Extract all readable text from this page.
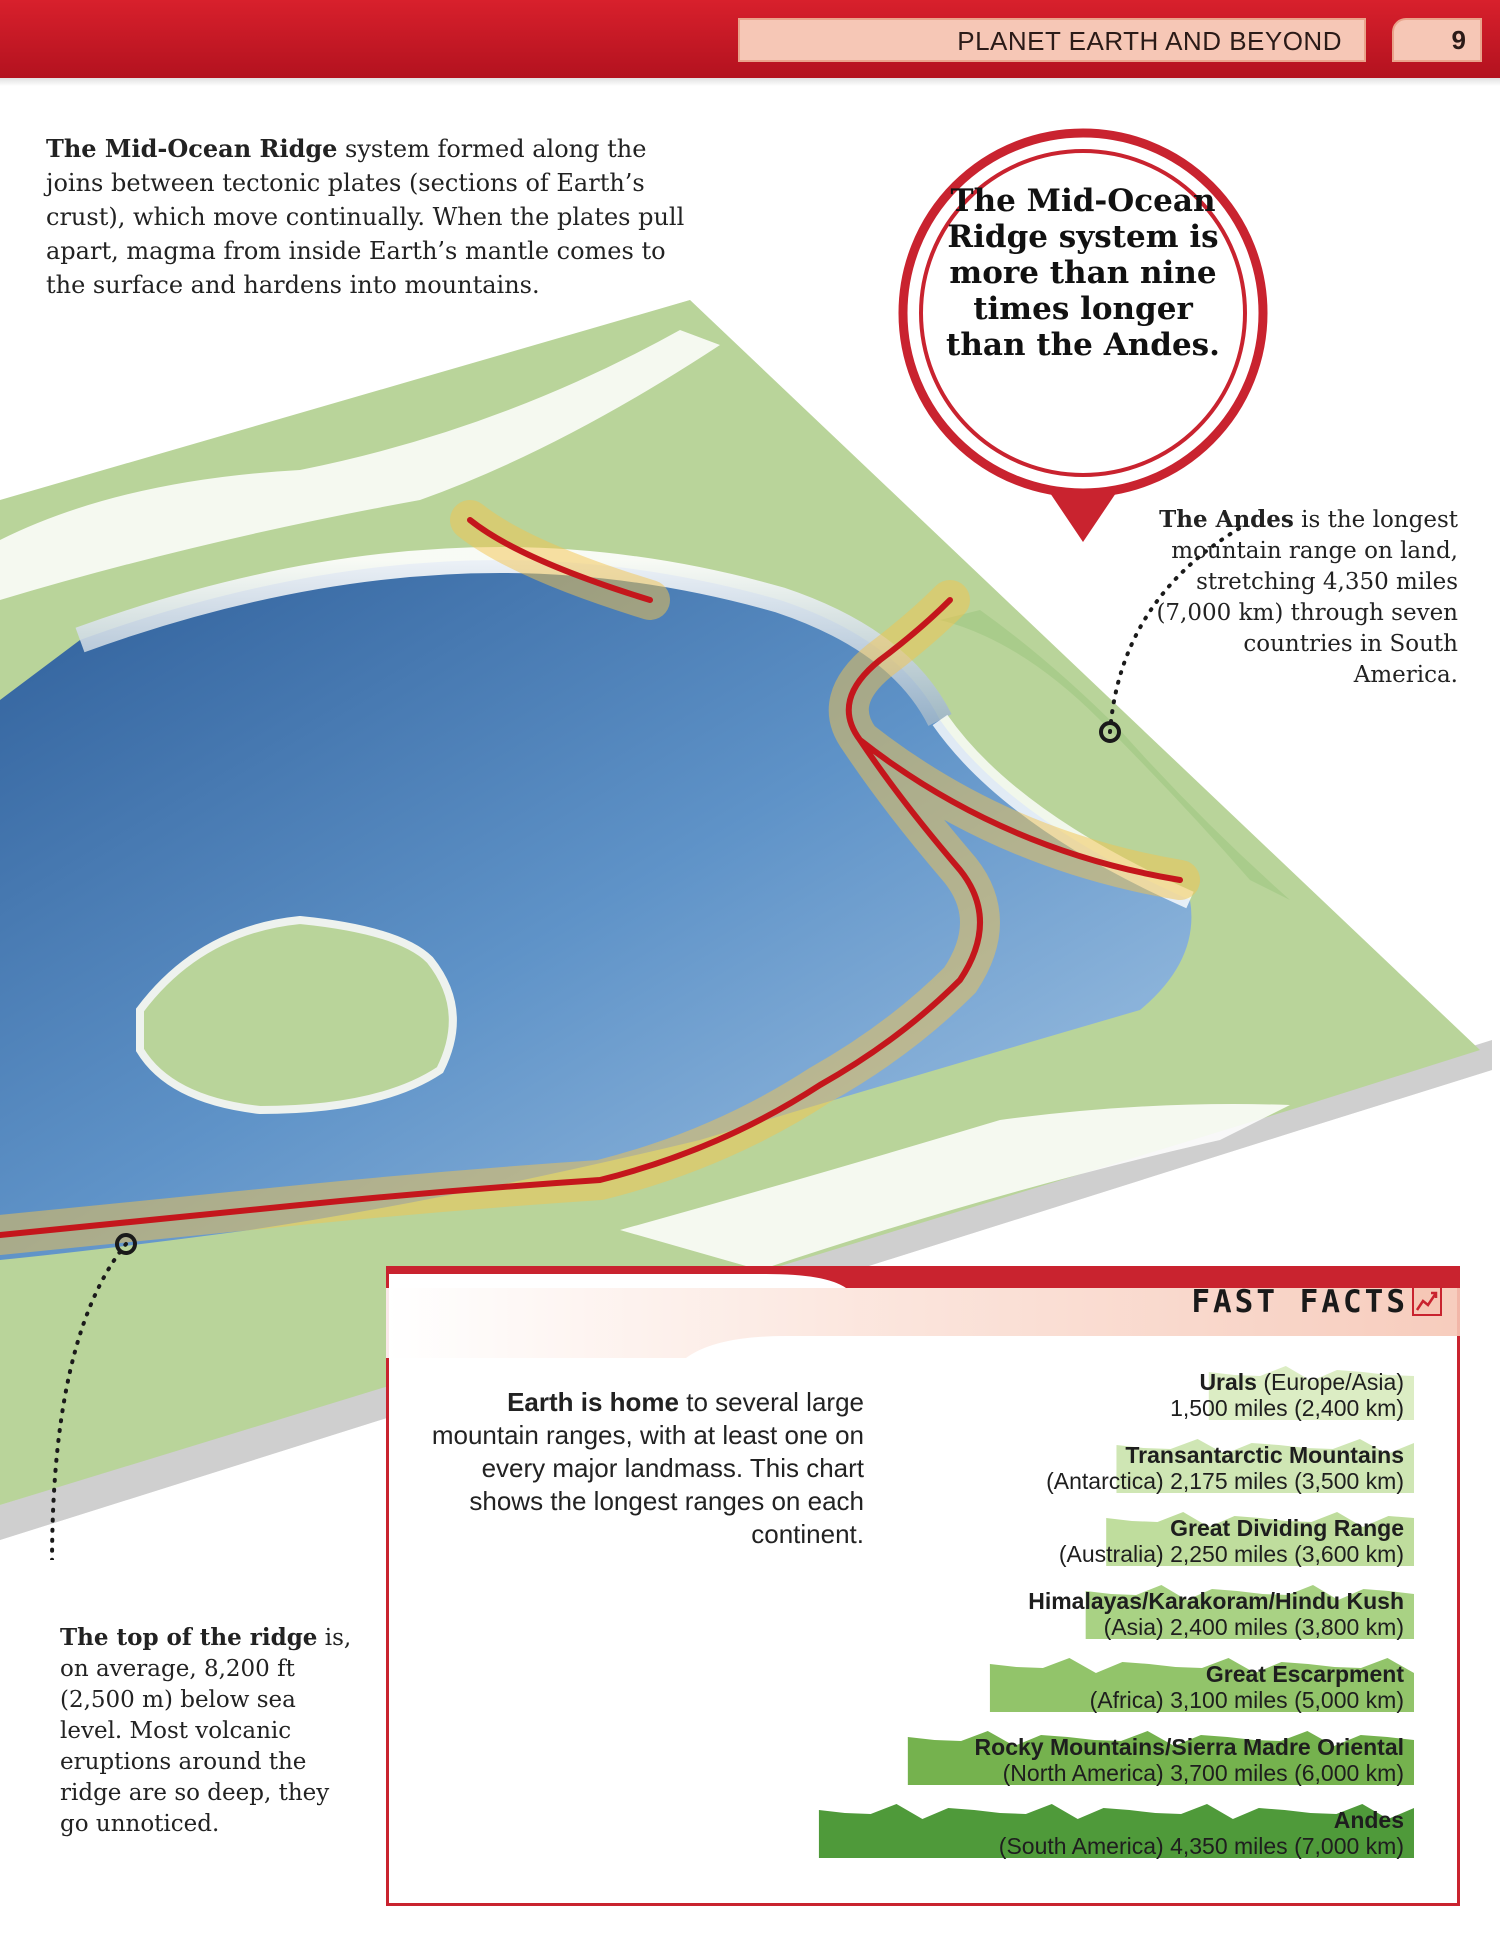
PLANET EARTH AND BEYOND	9

The Mid-Ocean Ridge system formed along the joins between tectonic plates (sections of Earth’s crust), which move continually. When the plates pull apart, magma from inside Earth’s mantle comes to the surface and hardens into mountains.

The Mid-Ocean Ridge system is more than nine times longer than the Andes.

The Andes is the longest mountain range on land, stretching 4,350 miles (7,000 km) through seven countries in South America.

The top of the ridge is, on average, 8,200 ft (2,500 m) below sea level. Most volcanic eruptions around the ridge are so deep, they go unnoticed.

FAST FACTS

Earth is home to several large mountain ranges, with at least one on every major landmass. This chart shows the longest ranges on each continent.

Urals (Europe/Asia)
1,500 miles (2,400 km)
Transantarctic Mountains
(Antarctica) 2,175 miles (3,500 km)
Great Dividing Range
(Australia) 2,250 miles (3,600 km)
Himalayas/Karakoram/Hindu Kush
(Asia) 2,400 miles (3,800 km)
Great Escarpment
(Africa) 3,100 miles (5,000 km)
Rocky Mountains/Sierra Madre Oriental
(North America) 3,700 miles (6,000 km)
Andes
(South America) 4,350 miles (7,000 km)
